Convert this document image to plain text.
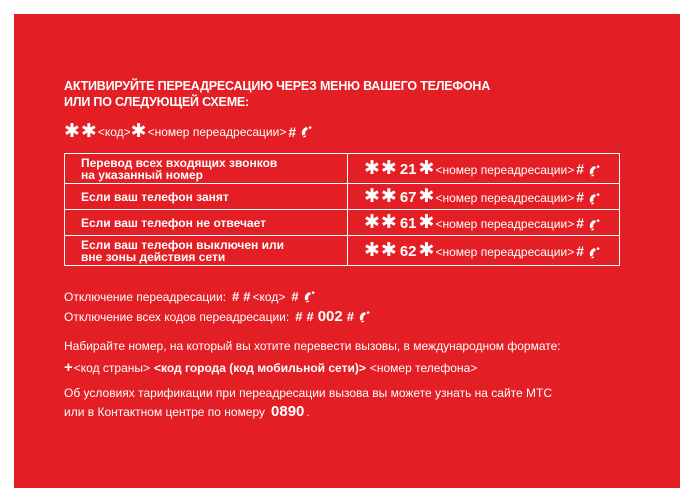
АКТИВИРУЙТЕ ПЕРЕАДРЕСАЦИЮ ЧЕРЕЗ МЕНЮ ВАШЕГО ТЕЛЕФОНА
ИЛИ ПО СЛЕДУЮЩЕЙ СХЕМЕ:
✱ ✱ <код> ✱ <номер переадресации> #
Перевод всех входящих звонков
на указанный номер	✱✱ 21 ✱<номер переадресации> #

Если ваш телефон занят	✱✱ 67 ✱<номер переадресации> #

Если ваш телефон не отвечает	✱✱ 61 ✱<номер переадресации> #

Если ваш телефон выключен или
вне зоны действия сети	✱✱ 62 ✱<номер переадресации> #
Отключение переадресации: # # <код> #
Отключение всех кодов переадресации: # # 002 #
Набирайте номер, на который вы хотите перевести вызовы, в международном формате:
+ <код страны> <код города (код мобильной сети)> <номер телефона>
Об условиях тарификации при переадресации вызова вы можете узнать на сайте МТС
или в Контактном центре по номеру 0890 .
